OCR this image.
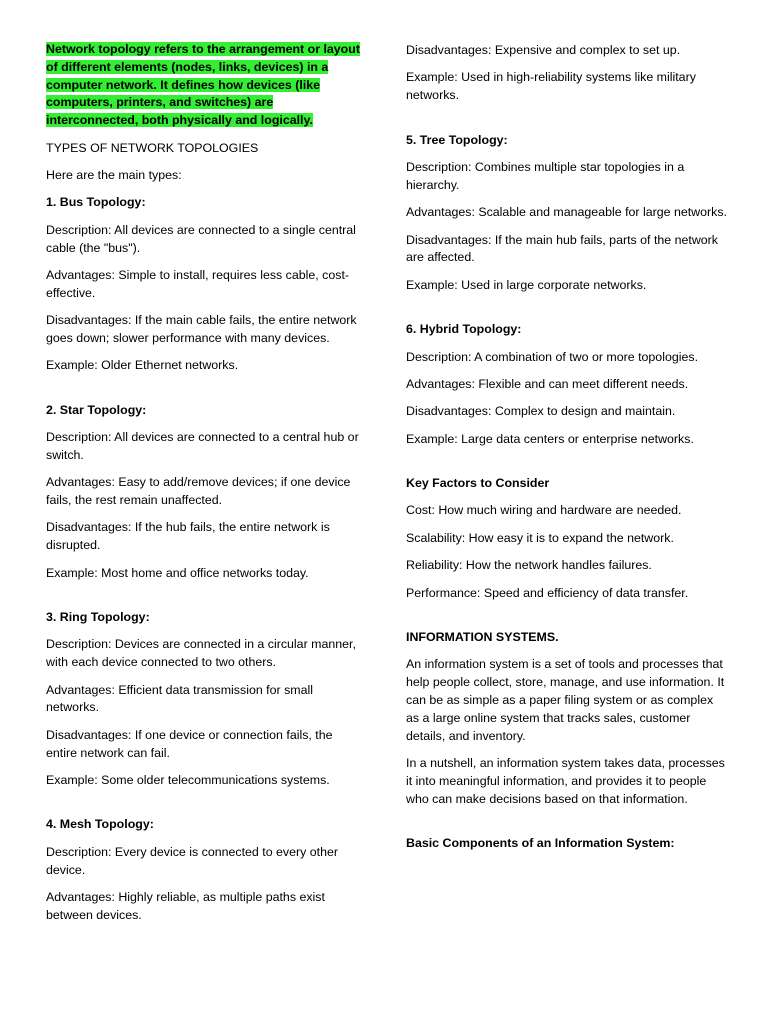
Network topology refers to the arrangement or layout of different elements (nodes, links, devices) in a computer network. It defines how devices (like computers, printers, and switches) are interconnected, both physically and logically.

TYPES OF NETWORK TOPOLOGIES

Here are the main types:

1. Bus Topology:

Description: All devices are connected to a single central cable (the "bus").

Advantages: Simple to install, requires less cable, cost-effective.

Disadvantages: If the main cable fails, the entire network goes down; slower performance with many devices.

Example: Older Ethernet networks.

2. Star Topology:

Description: All devices are connected to a central hub or switch.

Advantages: Easy to add/remove devices; if one device fails, the rest remain unaffected.

Disadvantages: If the hub fails, the entire network is disrupted.

Example: Most home and office networks today.

3. Ring Topology:

Description: Devices are connected in a circular manner, with each device connected to two others.

Advantages: Efficient data transmission for small networks.

Disadvantages: If one device or connection fails, the entire network can fail.

Example: Some older telecommunications systems.

4. Mesh Topology:

Description: Every device is connected to every other device.

Advantages: Highly reliable, as multiple paths exist between devices.

Disadvantages: Expensive and complex to set up.

Example: Used in high-reliability systems like military networks.

5. Tree Topology:

Description: Combines multiple star topologies in a hierarchy.

Advantages: Scalable and manageable for large networks.

Disadvantages: If the main hub fails, parts of the network are affected.

Example: Used in large corporate networks.

6. Hybrid Topology:

Description: A combination of two or more topologies.

Advantages: Flexible and can meet different needs.

Disadvantages: Complex to design and maintain.

Example: Large data centers or enterprise networks.

Key Factors to Consider

Cost: How much wiring and hardware are needed.

Scalability: How easy it is to expand the network.

Reliability: How the network handles failures.

Performance: Speed and efficiency of data transfer.

INFORMATION SYSTEMS.

An information system is a set of tools and processes that help people collect, store, manage, and use information. It can be as simple as a paper filing system or as complex as a large online system that tracks sales, customer details, and inventory.

In a nutshell, an information system takes data, processes it into meaningful information, and provides it to people who can make decisions based on that information.

Basic Components of an Information System:
